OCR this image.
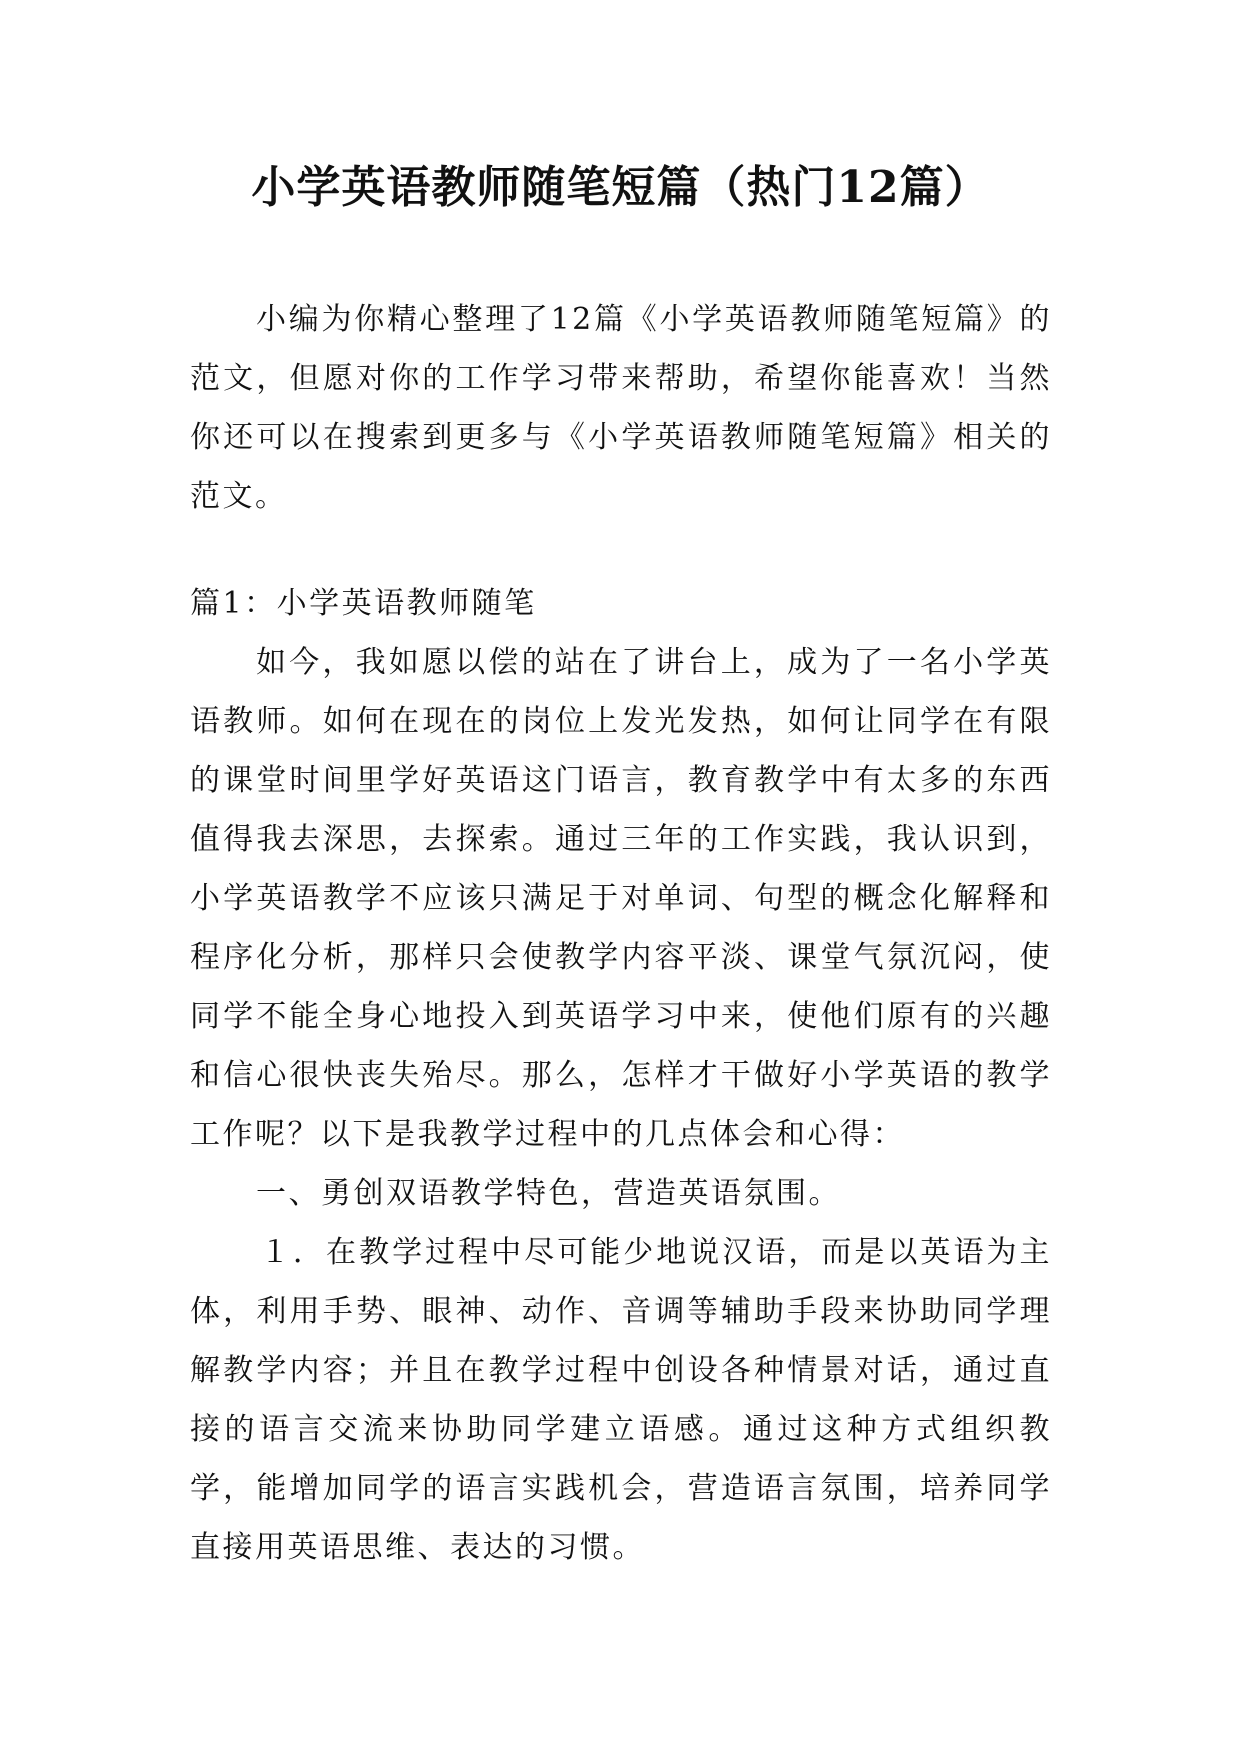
小学英语教师随笔短篇（热门12篇）

小编为你精心整理了12篇《小学英语教师随笔短篇》的范文，但愿对你的工作学习带来帮助，希望你能喜欢！当然你还可以在搜索到更多与《小学英语教师随笔短篇》相关的范文。

篇1：小学英语教师随笔

如今，我如愿以偿的站在了讲台上，成为了一名小学英语教师。如何在现在的岗位上发光发热，如何让同学在有限的课堂时间里学好英语这门语言，教育教学中有太多的东西值得我去深思，去探索。通过三年的工作实践，我认识到，小学英语教学不应该只满足于对单词、句型的概念化解释和程序化分析，那样只会使教学内容平淡、课堂气氛沉闷，使同学不能全身心地投入到英语学习中来，使他们原有的兴趣和信心很快丧失殆尽。那么，怎样才干做好小学英语的教学工作呢？以下是我教学过程中的几点体会和心得：

一、勇创双语教学特色，营造英语氛围。

１．在教学过程中尽可能少地说汉语，而是以英语为主体，利用手势、眼神、动作、音调等辅助手段来协助同学理解教学内容；并且在教学过程中创设各种情景对话，通过直接的语言交流来协助同学建立语感。通过这种方式组织教学，能增加同学的语言实践机会，营造语言氛围，培养同学直接用英语思维、表达的习惯。
